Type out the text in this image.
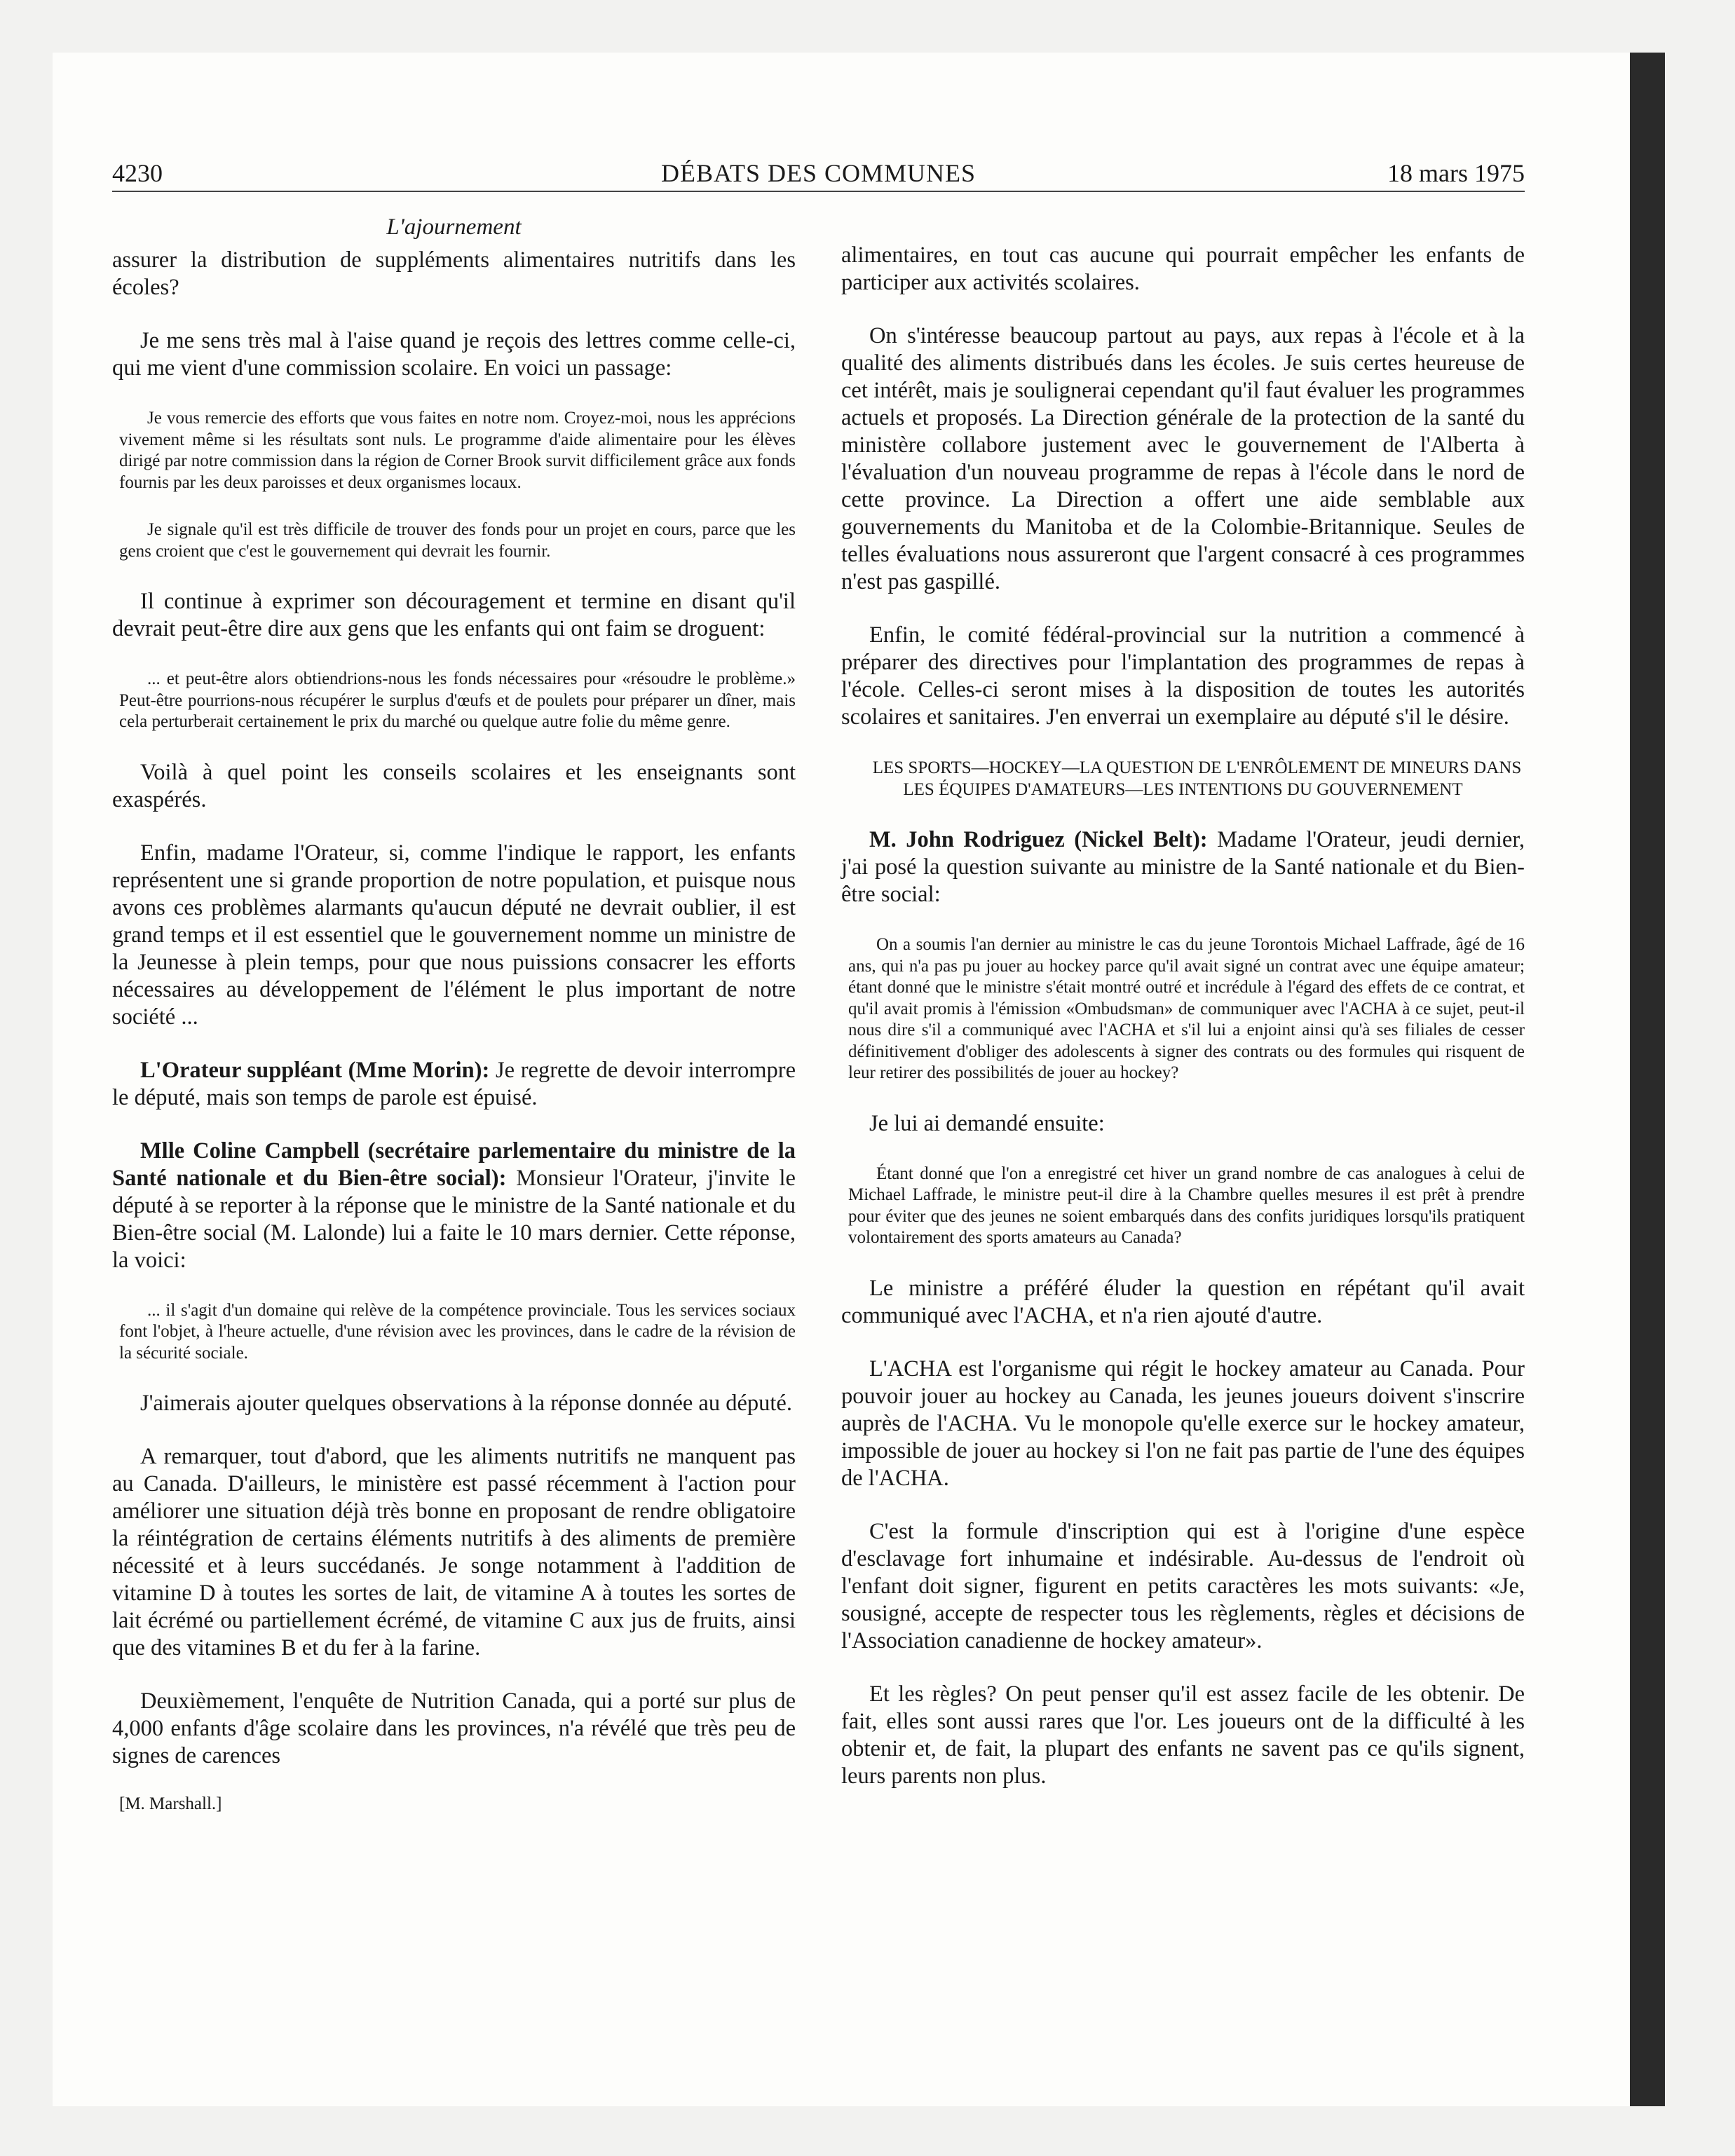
4230	DÉBATS DES COMMUNES	18 mars 1975
L'ajournement

assurer la distribution de suppléments alimentaires nutritifs dans les écoles?

Je me sens très mal à l'aise quand je reçois des lettres comme celle-ci, qui me vient d'une commission scolaire. En voici un passage:

Je vous remercie des efforts que vous faites en notre nom. Croyez-moi, nous les apprécions vivement même si les résultats sont nuls. Le programme d'aide alimentaire pour les élèves dirigé par notre commission dans la région de Corner Brook survit difficilement grâce aux fonds fournis par les deux paroisses et deux organismes locaux.

Je signale qu'il est très difficile de trouver des fonds pour un projet en cours, parce que les gens croient que c'est le gouvernement qui devrait les fournir.

Il continue à exprimer son découragement et termine en disant qu'il devrait peut-être dire aux gens que les enfants qui ont faim se droguent:

... et peut-être alors obtiendrions-nous les fonds nécessaires pour «résoudre le problème.» Peut-être pourrions-nous récupérer le surplus d'œufs et de poulets pour préparer un dîner, mais cela perturberait certainement le prix du marché ou quelque autre folie du même genre.

Voilà à quel point les conseils scolaires et les enseignants sont exaspérés.

Enfin, madame l'Orateur, si, comme l'indique le rapport, les enfants représentent une si grande proportion de notre population, et puisque nous avons ces problèmes alarmants qu'aucun député ne devrait oublier, il est grand temps et il est essentiel que le gouvernement nomme un ministre de la Jeunesse à plein temps, pour que nous puissions consacrer les efforts nécessaires au développement de l'élément le plus important de notre société ...

L'Orateur suppléant (Mme Morin): Je regrette de devoir interrompre le député, mais son temps de parole est épuisé.

Mlle Coline Campbell (secrétaire parlementaire du ministre de la Santé nationale et du Bien-être social): Monsieur l'Orateur, j'invite le député à se reporter à la réponse que le ministre de la Santé nationale et du Bien-être social (M. Lalonde) lui a faite le 10 mars dernier. Cette réponse, la voici:

... il s'agit d'un domaine qui relève de la compétence provinciale. Tous les services sociaux font l'objet, à l'heure actuelle, d'une révision avec les provinces, dans le cadre de la révision de la sécurité sociale.

J'aimerais ajouter quelques observations à la réponse donnée au député.

A remarquer, tout d'abord, que les aliments nutritifs ne manquent pas au Canada. D'ailleurs, le ministère est passé récemment à l'action pour améliorer une situation déjà très bonne en proposant de rendre obligatoire la réintégration de certains éléments nutritifs à des aliments de première nécessité et à leurs succédanés. Je songe notamment à l'addition de vitamine D à toutes les sortes de lait, de vitamine A à toutes les sortes de lait écrémé ou partiellement écrémé, de vitamine C aux jus de fruits, ainsi que des vitamines B et du fer à la farine.

Deuxièmement, l'enquête de Nutrition Canada, qui a porté sur plus de 4,000 enfants d'âge scolaire dans les provinces, n'a révélé que très peu de signes de carences

[M. Marshall.]

alimentaires, en tout cas aucune qui pourrait empêcher les enfants de participer aux activités scolaires.

On s'intéresse beaucoup partout au pays, aux repas à l'école et à la qualité des aliments distribués dans les écoles. Je suis certes heureuse de cet intérêt, mais je soulignerai cependant qu'il faut évaluer les programmes actuels et proposés. La Direction générale de la protection de la santé du ministère collabore justement avec le gouvernement de l'Alberta à l'évaluation d'un nouveau programme de repas à l'école dans le nord de cette province. La Direction a offert une aide semblable aux gouvernements du Manitoba et de la Colombie-Britannique. Seules de telles évaluations nous assureront que l'argent consacré à ces programmes n'est pas gaspillé.

Enfin, le comité fédéral-provincial sur la nutrition a commencé à préparer des directives pour l'implantation des programmes de repas à l'école. Celles-ci seront mises à la disposition de toutes les autorités scolaires et sanitaires. J'en enverrai un exemplaire au député s'il le désire.

LES SPORTS—HOCKEY—LA QUESTION DE L'ENRÔLEMENT DE MINEURS DANS LES ÉQUIPES D'AMATEURS—LES INTENTIONS DU GOUVERNEMENT

M. John Rodriguez (Nickel Belt): Madame l'Orateur, jeudi dernier, j'ai posé la question suivante au ministre de la Santé nationale et du Bien-être social:

On a soumis l'an dernier au ministre le cas du jeune Torontois Michael Laffrade, âgé de 16 ans, qui n'a pas pu jouer au hockey parce qu'il avait signé un contrat avec une équipe amateur; étant donné que le ministre s'était montré outré et incrédule à l'égard des effets de ce contrat, et qu'il avait promis à l'émission «Ombudsman» de communiquer avec l'ACHA à ce sujet, peut-il nous dire s'il a communiqué avec l'ACHA et s'il lui a enjoint ainsi qu'à ses filiales de cesser définitivement d'obliger des adolescents à signer des contrats ou des formules qui risquent de leur retirer des possibilités de jouer au hockey?

Je lui ai demandé ensuite:

Étant donné que l'on a enregistré cet hiver un grand nombre de cas analogues à celui de Michael Laffrade, le ministre peut-il dire à la Chambre quelles mesures il est prêt à prendre pour éviter que des jeunes ne soient embarqués dans des confits juridiques lorsqu'ils pratiquent volontairement des sports amateurs au Canada?

Le ministre a préféré éluder la question en répétant qu'il avait communiqué avec l'ACHA, et n'a rien ajouté d'autre.

L'ACHA est l'organisme qui régit le hockey amateur au Canada. Pour pouvoir jouer au hockey au Canada, les jeunes joueurs doivent s'inscrire auprès de l'ACHA. Vu le monopole qu'elle exerce sur le hockey amateur, impossible de jouer au hockey si l'on ne fait pas partie de l'une des équipes de l'ACHA.

C'est la formule d'inscription qui est à l'origine d'une espèce d'esclavage fort inhumaine et indésirable. Au-dessus de l'endroit où l'enfant doit signer, figurent en petits caractères les mots suivants: «Je, sousigné, accepte de respecter tous les règlements, règles et décisions de l'Association canadienne de hockey amateur».

Et les règles? On peut penser qu'il est assez facile de les obtenir. De fait, elles sont aussi rares que l'or. Les joueurs ont de la difficulté à les obtenir et, de fait, la plupart des enfants ne savent pas ce qu'ils signent, leurs parents non plus.
